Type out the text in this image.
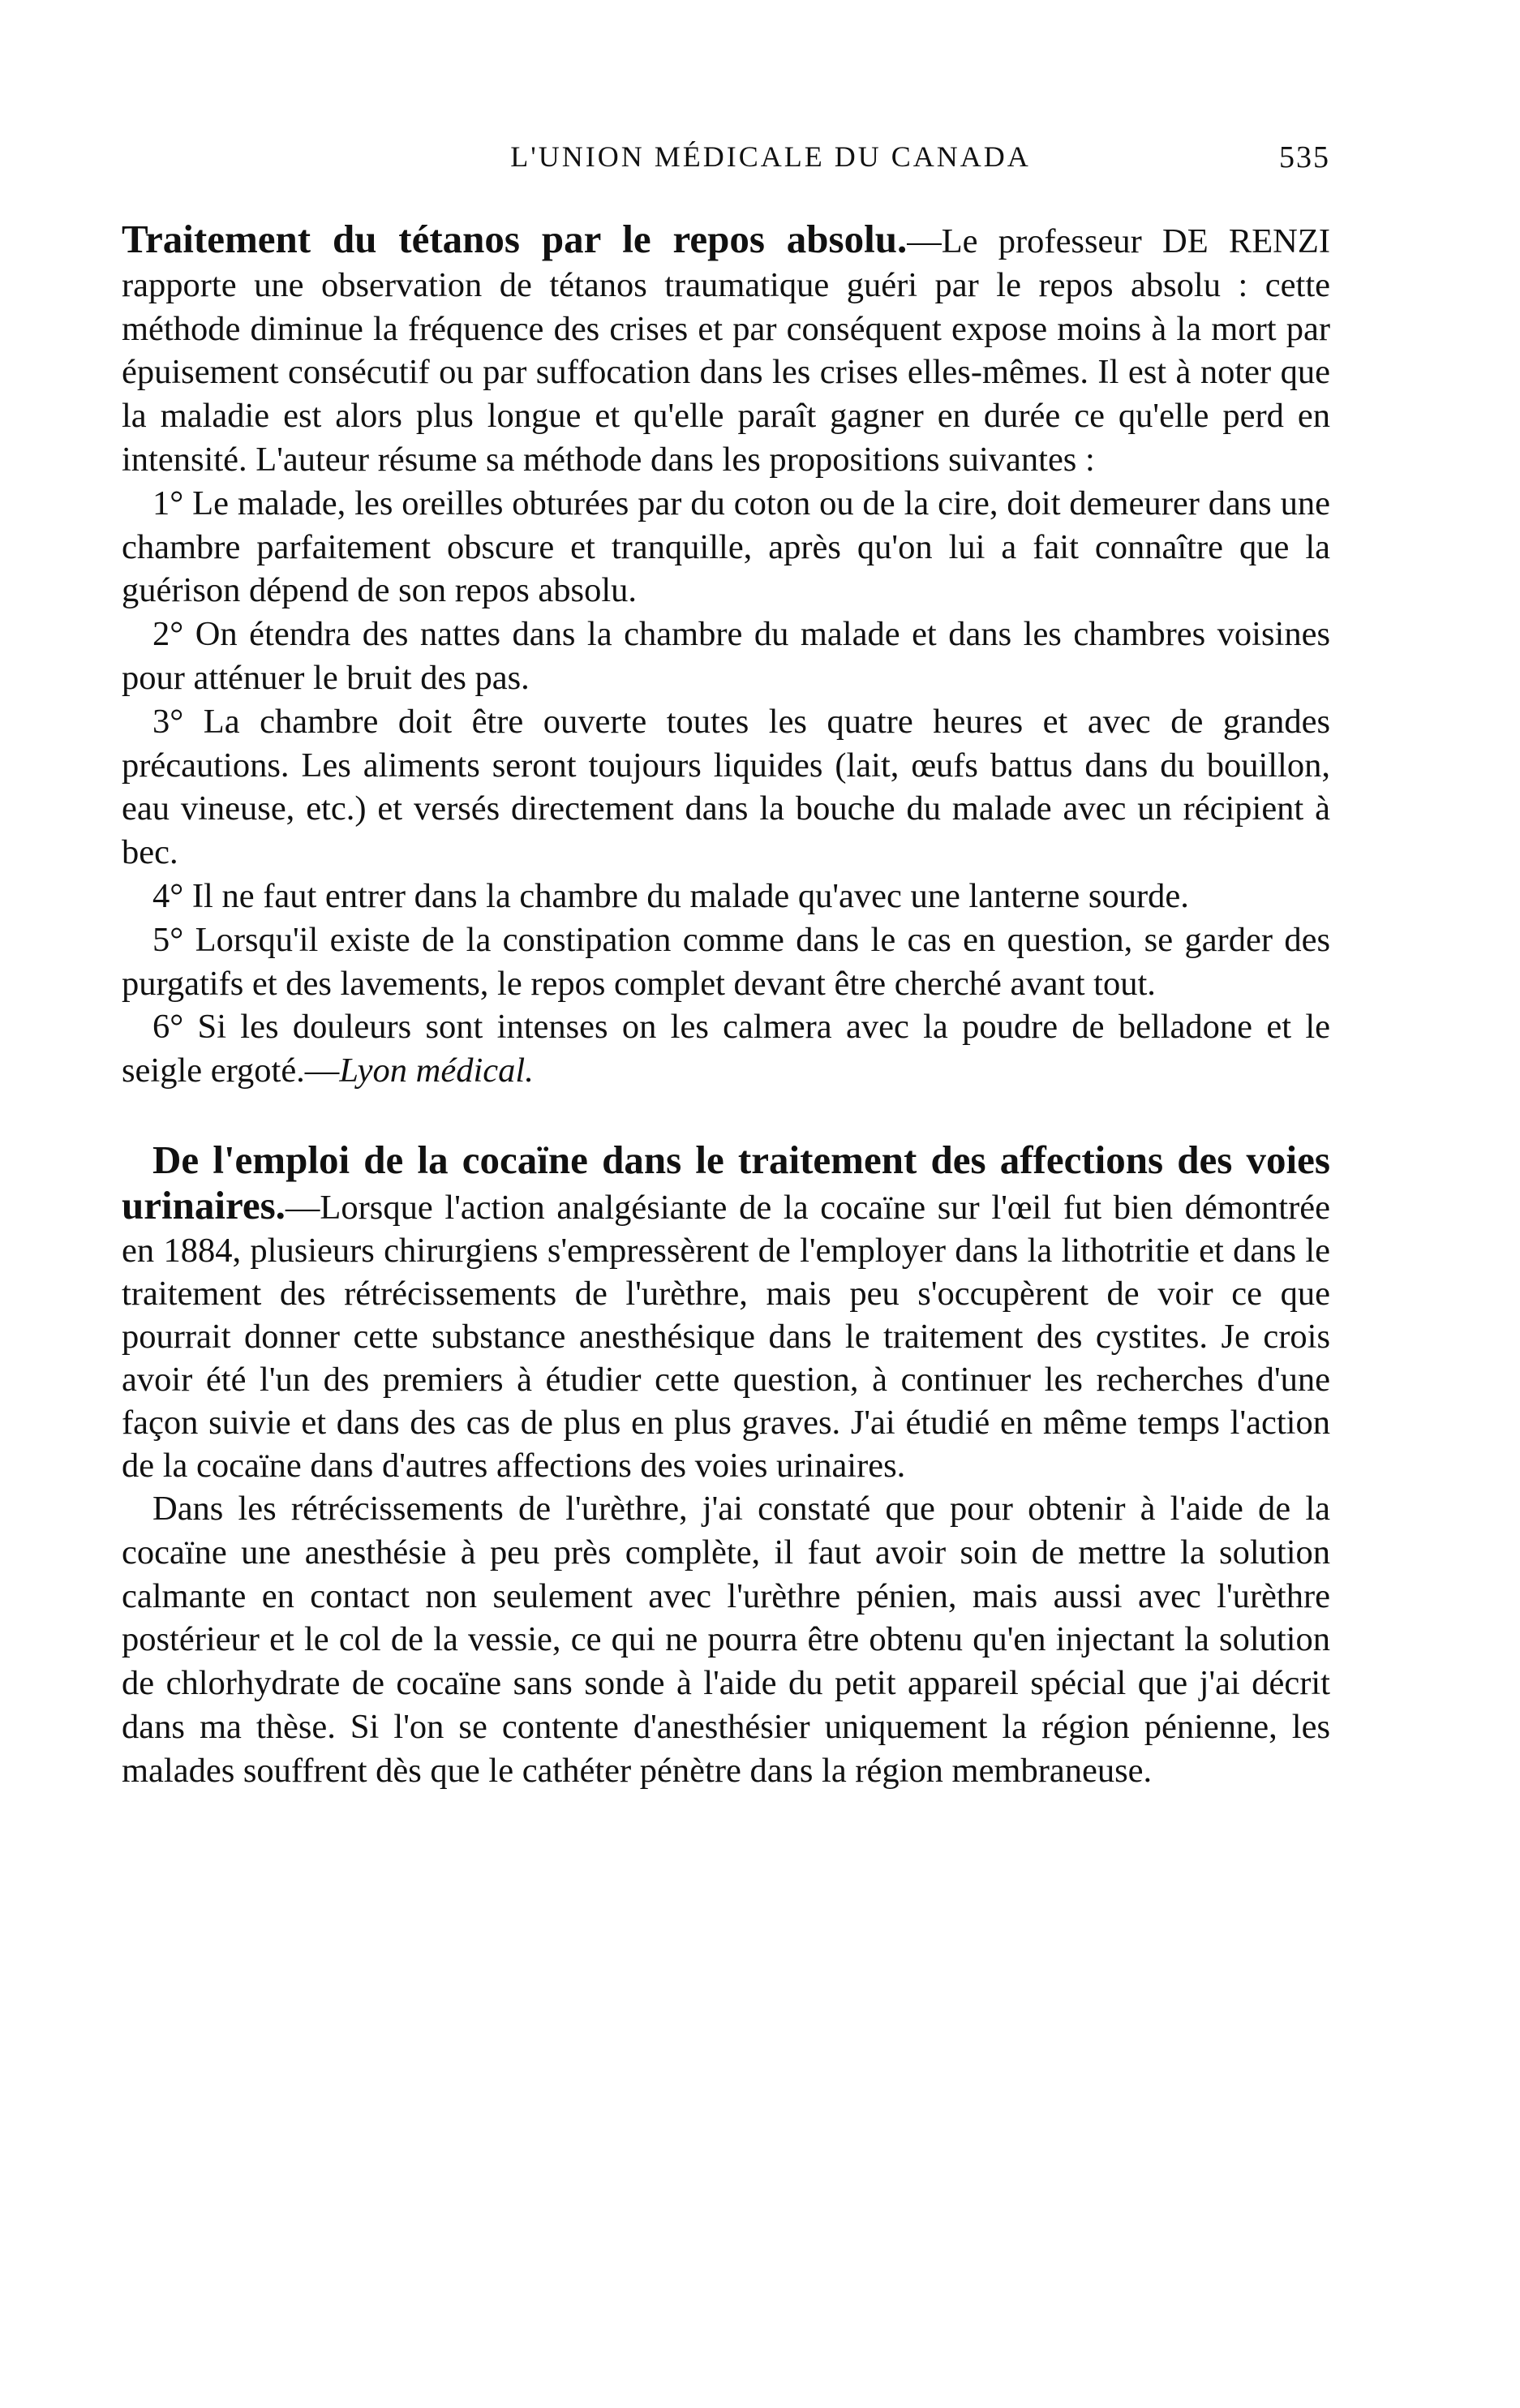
L'UNION MÉDICALE DU CANADA	535

Traitement du tétanos par le repos absolu.—Le professeur DE RENZI rapporte une observation de tétanos traumatique guéri par le repos absolu : cette méthode diminue la fréquence des crises et par conséquent expose moins à la mort par épuisement consécutif ou par suffocation dans les crises elles-mêmes. Il est à noter que la maladie est alors plus longue et qu'elle paraît gagner en durée ce qu'elle perd en intensité. L'auteur résume sa méthode dans les propositions suivantes :

1° Le malade, les oreilles obturées par du coton ou de la cire, doit demeurer dans une chambre parfaitement obscure et tranquille, après qu'on lui a fait connaître que la guérison dépend de son repos absolu.

2° On étendra des nattes dans la chambre du malade et dans les chambres voisines pour atténuer le bruit des pas.

3° La chambre doit être ouverte toutes les quatre heures et avec de grandes précautions. Les aliments seront toujours liquides (lait, œufs battus dans du bouillon, eau vineuse, etc.) et versés directement dans la bouche du malade avec un récipient à bec.

4° Il ne faut entrer dans la chambre du malade qu'avec une lanterne sourde.

5° Lorsqu'il existe de la constipation comme dans le cas en question, se garder des purgatifs et des lavements, le repos complet devant être cherché avant tout.

6° Si les douleurs sont intenses on les calmera avec la poudre de belladone et le seigle ergoté.—Lyon médical.

De l'emploi de la cocaïne dans le traitement des affections des voies urinaires.—Lorsque l'action analgésiante de la cocaïne sur l'œil fut bien démontrée en 1884, plusieurs chirurgiens s'empressèrent de l'employer dans la lithotritie et dans le traitement des rétrécissements de l'urèthre, mais peu s'occupèrent de voir ce que pourrait donner cette substance anesthésique dans le traitement des cystites. Je crois avoir été l'un des premiers à étudier cette question, à continuer les recherches d'une façon suivie et dans des cas de plus en plus graves. J'ai étudié en même temps l'action de la cocaïne dans d'autres affections des voies urinaires.

Dans les rétrécissements de l'urèthre, j'ai constaté que pour obtenir à l'aide de la cocaïne une anesthésie à peu près complète, il faut avoir soin de mettre la solution calmante en contact non seulement avec l'urèthre pénien, mais aussi avec l'urèthre postérieur et le col de la vessie, ce qui ne pourra être obtenu qu'en injectant la solution de chlorhydrate de cocaïne sans sonde à l'aide du petit appareil spécial que j'ai décrit dans ma thèse. Si l'on se contente d'anesthésier uniquement la région pénienne, les malades souffrent dès que le cathéter pénètre dans la région membraneuse.
